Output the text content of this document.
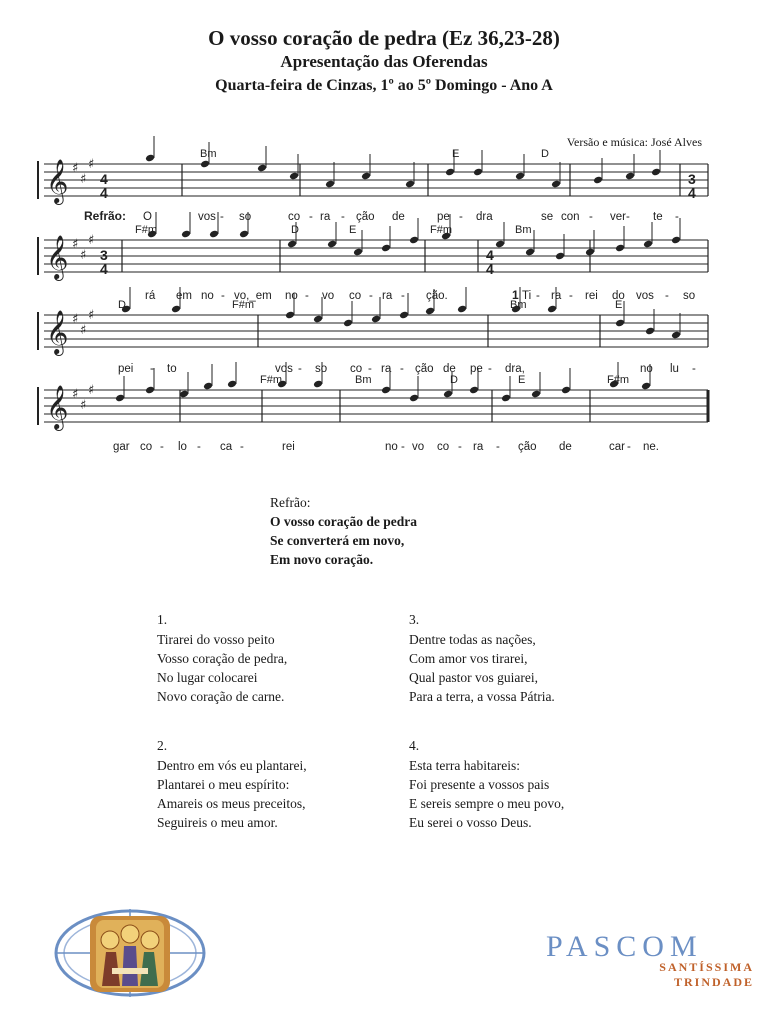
O vosso coração de pedra (Ez 36,23-28)
Apresentação das Oferendas
Quarta-feira de Cinzas, 1º ao 5º Domingo - Ano A
Versão e música: José Alves
𝄞 ♯
♯
♯
Bm	E	D
O	vos - so	co - ra - ção de	pe - dra	se con - ver - te -
𝄞 ♯
♯
♯
F#m	D	E	F#m	Bm
rá em no - vo,_em no - vo co - ra - ção.	Ti - ra - rei do vos - so
𝄞 ♯
♯
♯
D	F#m	Bm	E
pei - to	vos - so co - ra - ção de pe - dra,	no lu -
𝄞 ♯
♯
♯
F#m	Bm	D	E	F#m
gar co - lo - ca -	rei	no - vo co - ra - ção de	car - ne.
4
4
3
4
3
4
4
4
Refrão:
1
Refrão:
O vosso coração de pedra
Se converterá em novo,
Em novo coração.
1.
Tirarei do vosso peito
Vosso coração de pedra,
No lugar colocarei
Novo coração de carne.
2.
Dentro em vós eu plantarei,
Plantarei o meu espírito:
Amareis os meus preceitos,
Seguireis o meu amor.
3.
Dentre todas as nações,
Com amor vos tirarei,
Qual pastor vos guiarei,
Para a terra, a vossa Pátria.
4.
Esta terra habitareis:
Foi presente a vossos pais
E sereis sempre o meu povo,
Eu serei o vosso Deus.
PASCOM
SANTÍSSIMA
TRINDADE
